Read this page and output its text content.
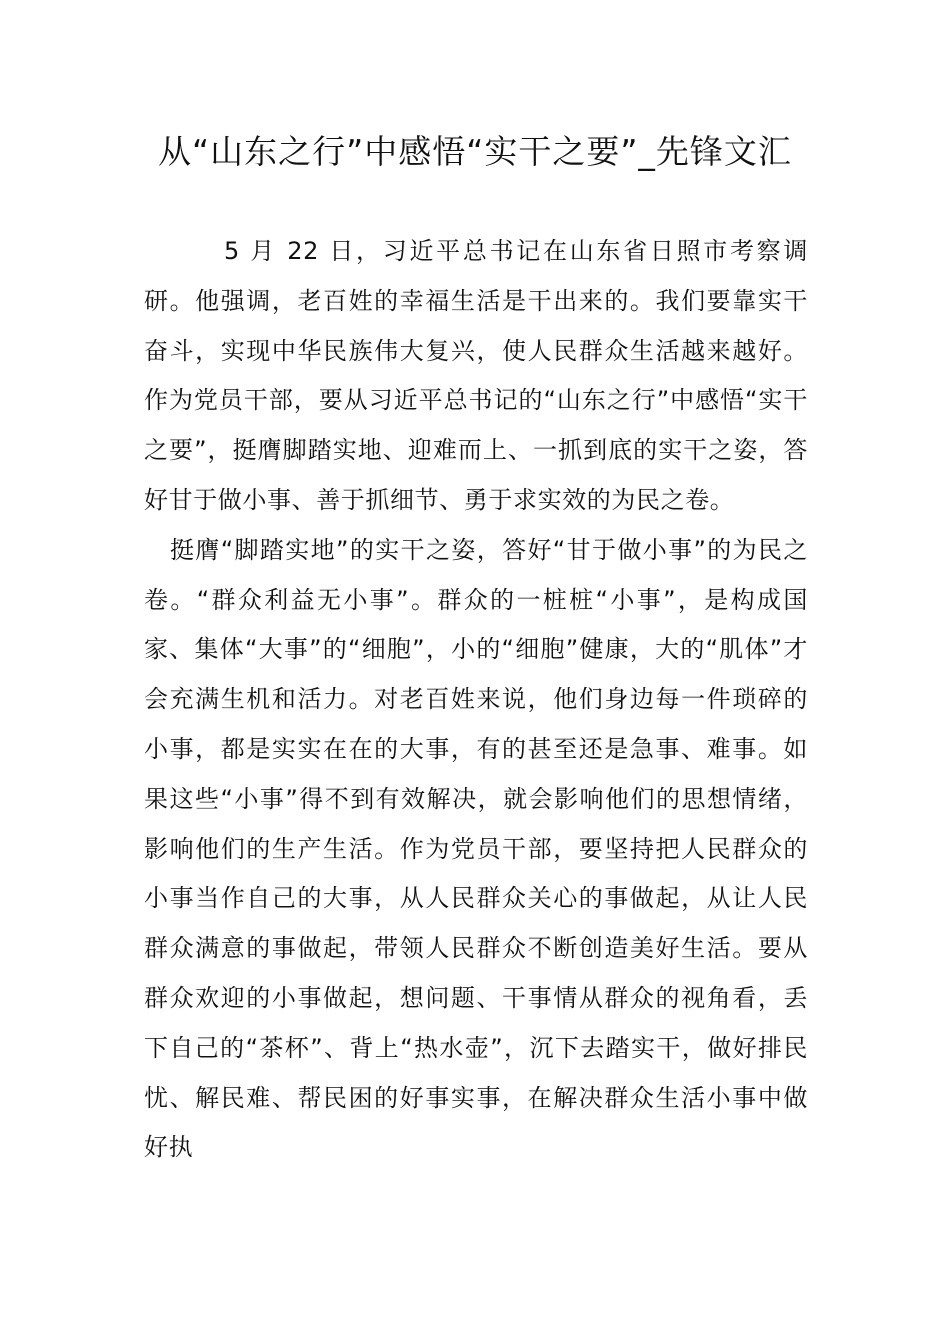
从“山东之行”中感悟“实干之要”_先锋文汇

5 月 22 日，习近平总书记在山东省日照市考察调研。他强调，老百姓的幸福生活是干出来的。我们要靠实干奋斗，实现中华民族伟大复兴，使人民群众生活越来越好。作为党员干部，要从习近平总书记的“山东之行”中感悟“实干之要”，挺膺脚踏实地、迎难而上、一抓到底的实干之姿，答好甘于做小事、善于抓细节、勇于求实效的为民之卷。

挺膺“脚踏实地”的实干之姿，答好“甘于做小事”的为民之卷。“群众利益无小事”。群众的一桩桩“小事”，是构成国家、集体“大事”的“细胞”，小的“细胞”健康，大的“肌体”才会充满生机和活力。对老百姓来说，他们身边每一件琐碎的小事，都是实实在在的大事，有的甚至还是急事、难事。如果这些“小事”得不到有效解决，就会影响他们的思想情绪，影响他们的生产生活。作为党员干部，要坚持把人民群众的小事当作自己的大事，从人民群众关心的事做起，从让人民群众满意的事做起，带领人民群众不断创造美好生活。要从群众欢迎的小事做起，想问题、干事情从群众的视角看，丢下自己的“茶杯”、背上“热水壶”，沉下去踏实干，做好排民忧、解民难、帮民困的好事实事，在解决群众生活小事中做好执
